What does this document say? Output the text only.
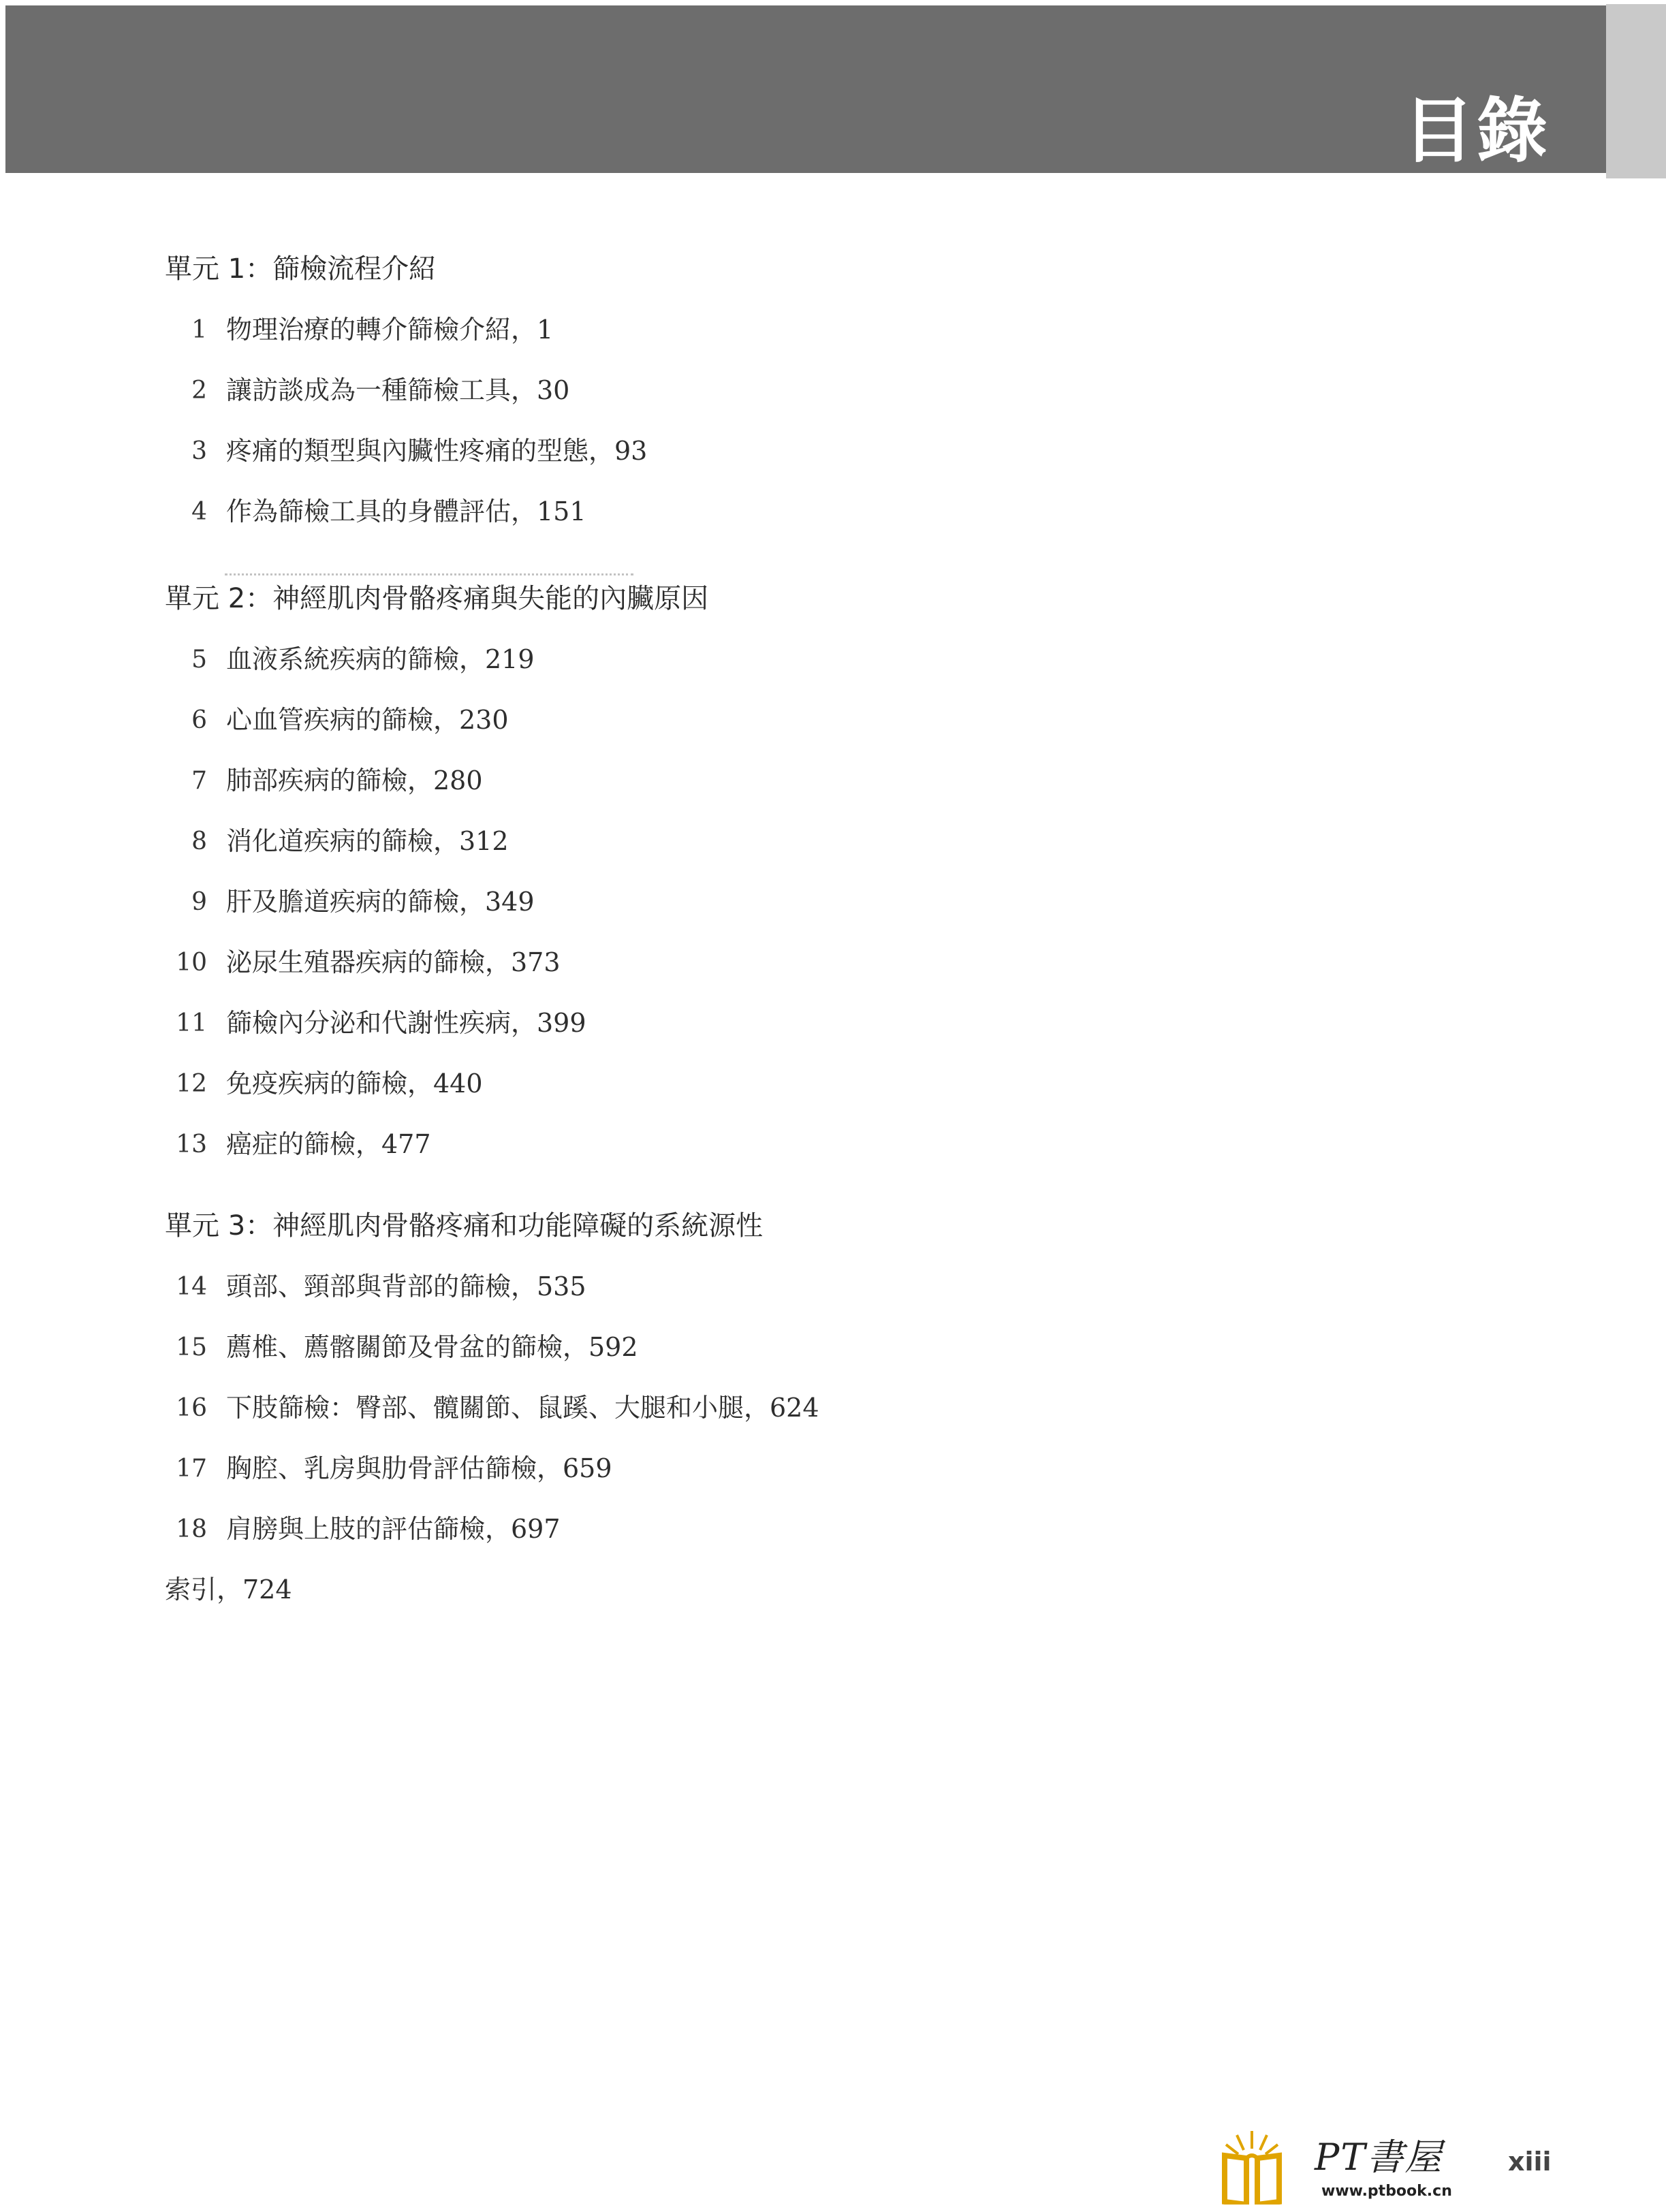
目錄
單元 1：篩檢流程介紹
1 物理治療的轉介篩檢介紹，1
2 讓訪談成為一種篩檢工具，30
3 疼痛的類型與內臟性疼痛的型態，93
4 作為篩檢工具的身體評估，151
單元 2：神經肌肉骨骼疼痛與失能的內臟原因
5 血液系統疾病的篩檢，219
6 心血管疾病的篩檢，230
7 肺部疾病的篩檢，280
8 消化道疾病的篩檢，312
9 肝及膽道疾病的篩檢，349
10 泌尿生殖器疾病的篩檢，373
11 篩檢內分泌和代謝性疾病，399
12 免疫疾病的篩檢，440
13 癌症的篩檢，477
單元 3：神經肌肉骨骼疼痛和功能障礙的系統源性
14 頭部、頸部與背部的篩檢，535
15 薦椎、薦髂關節及骨盆的篩檢，592
16 下肢篩檢：臀部、髖關節、鼠蹊、大腿和小腿，624
17 胸腔、乳房與肋骨評估篩檢，659
18 肩膀與上肢的評估篩檢，697
索引，724
PT書屋
www.ptbook.cn
xiii
